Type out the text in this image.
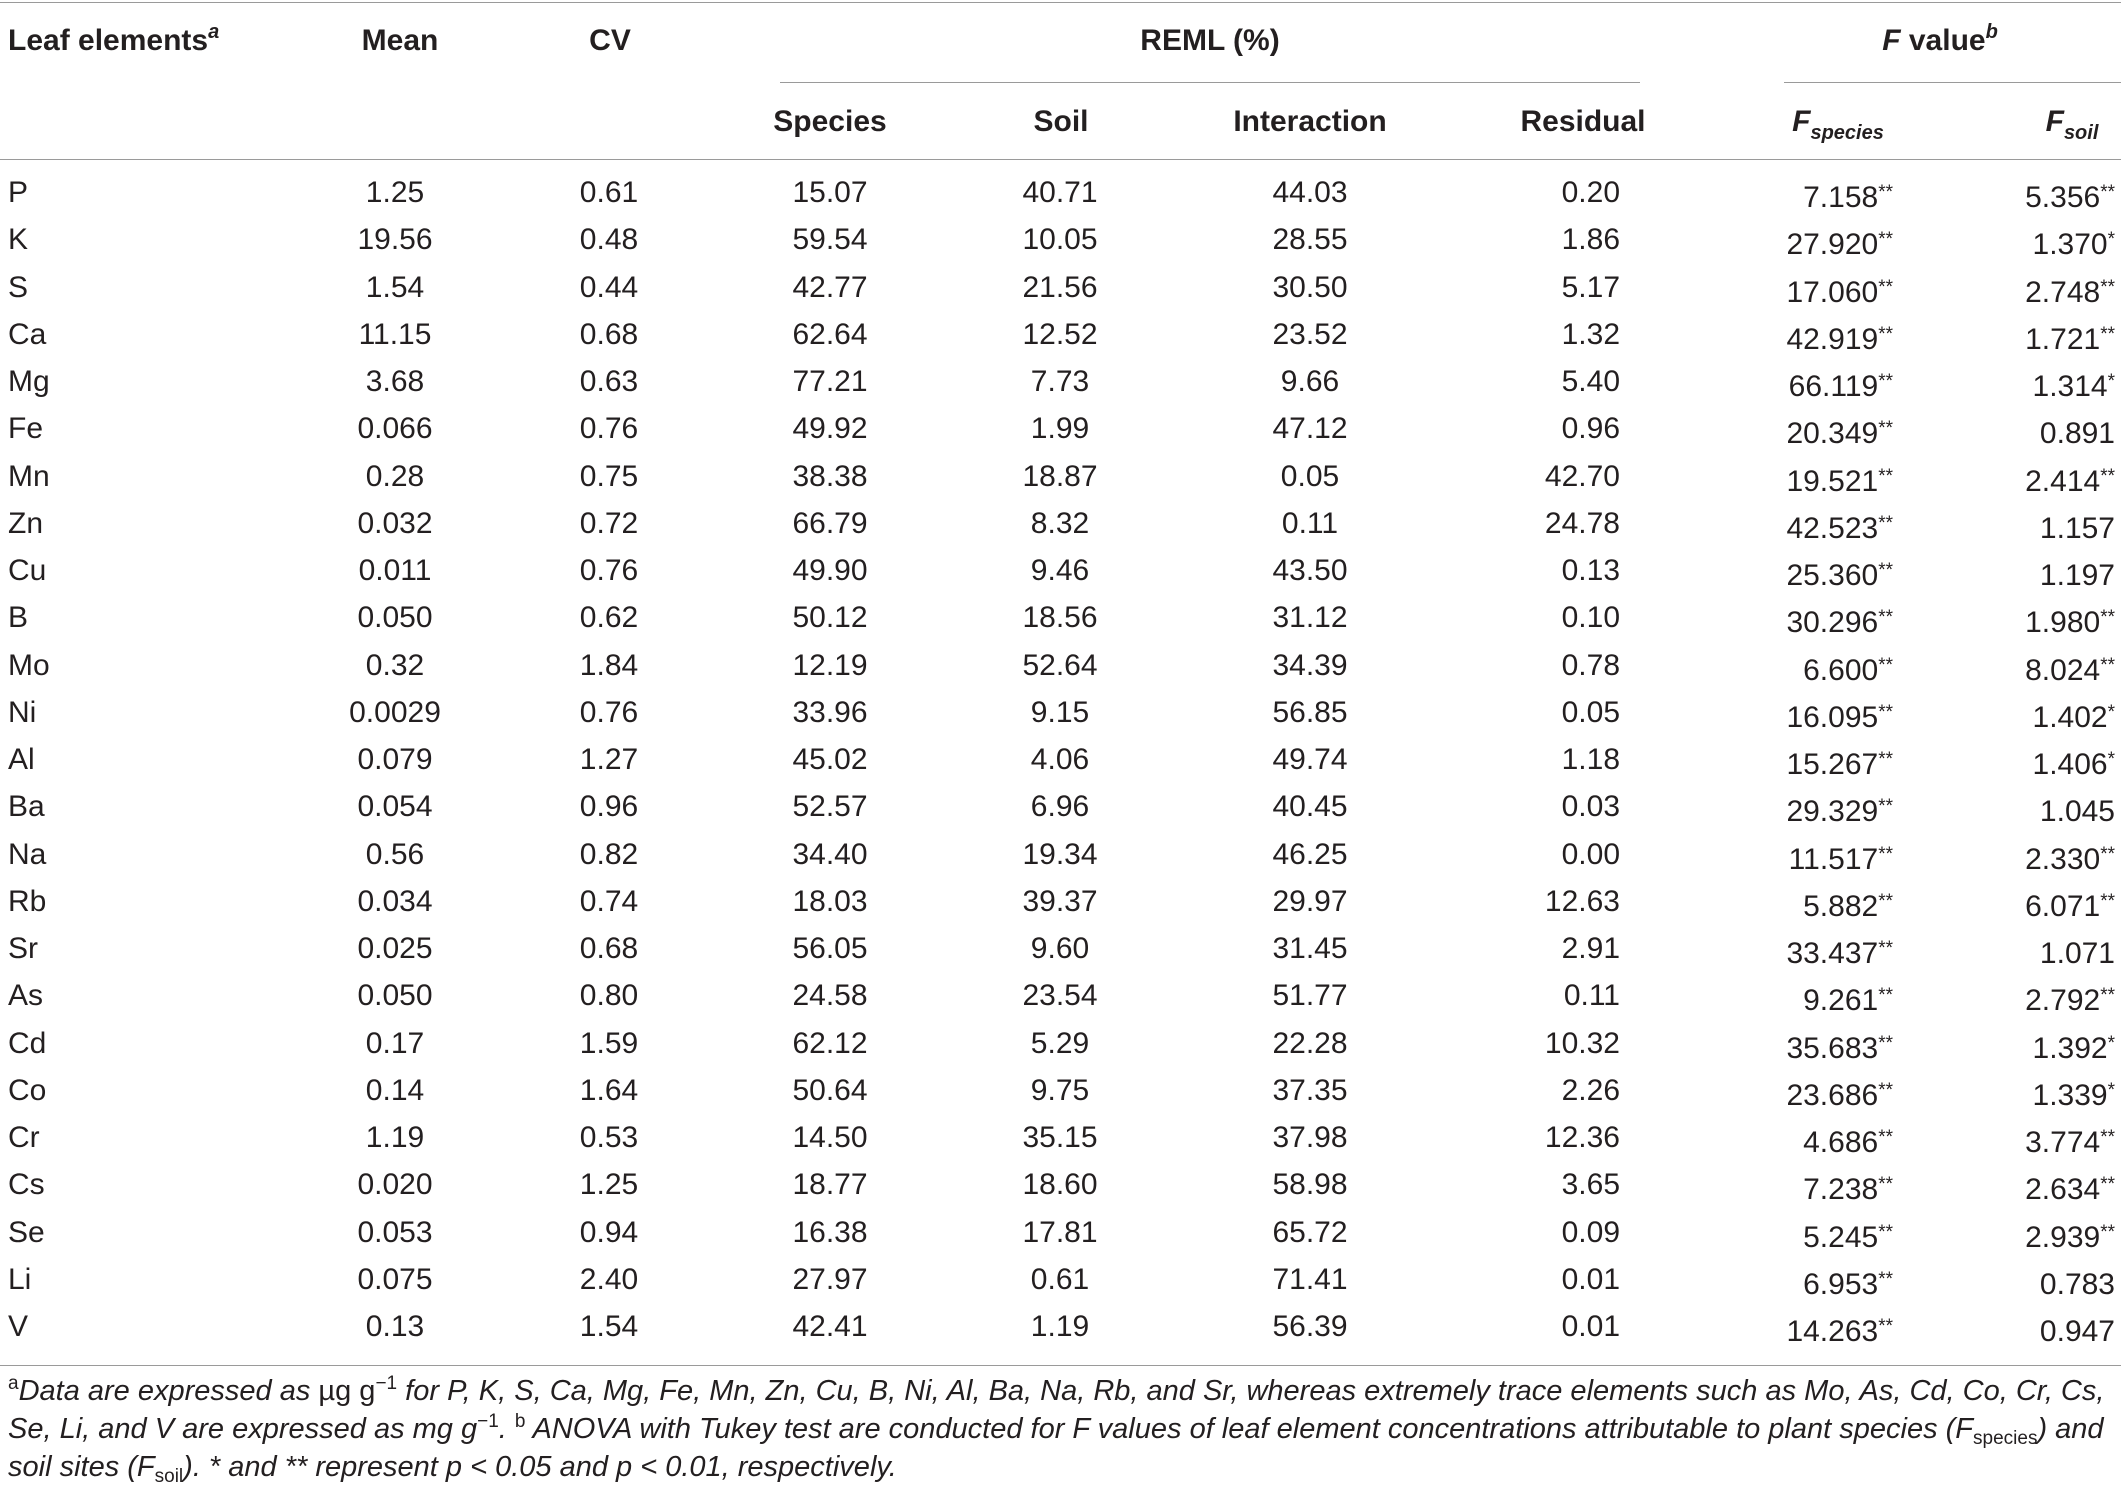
Leaf elements$^a$	Mean	CV	REML (%)	F value$^b$
Species	Soil	Interaction	Residual	$F_{species}$	$F_{soil}$
P	1.25	0.61	15.07	40.71	44.03	0.20	7.158**	5.356**
K	19.56	0.48	59.54	10.05	28.55	1.86	27.920**	1.370*
S	1.54	0.44	42.77	21.56	30.50	5.17	17.060**	2.748**
Ca	11.15	0.68	62.64	12.52	23.52	1.32	42.919**	1.721**
Mg	3.68	0.63	77.21	7.73	9.66	5.40	66.119**	1.314*
Fe	0.066	0.76	49.92	1.99	47.12	0.96	20.349**	0.891
Mn	0.28	0.75	38.38	18.87	0.05	42.70	19.521**	2.414**
Zn	0.032	0.72	66.79	8.32	0.11	24.78	42.523**	1.157
Cu	0.011	0.76	49.90	9.46	43.50	0.13	25.360**	1.197
B	0.050	0.62	50.12	18.56	31.12	0.10	30.296**	1.980**
Mo	0.32	1.84	12.19	52.64	34.39	0.78	6.600**	8.024**
Ni	0.0029	0.76	33.96	9.15	56.85	0.05	16.095**	1.402*
Al	0.079	1.27	45.02	4.06	49.74	1.18	15.267**	1.406*
Ba	0.054	0.96	52.57	6.96	40.45	0.03	29.329**	1.045
Na	0.56	0.82	34.40	19.34	46.25	0.00	11.517**	2.330**
Rb	0.034	0.74	18.03	39.37	29.97	12.63	5.882**	6.071**
Sr	0.025	0.68	56.05	9.60	31.45	2.91	33.437**	1.071
As	0.050	0.80	24.58	23.54	51.77	0.11	9.261**	2.792**
Cd	0.17	1.59	62.12	5.29	22.28	10.32	35.683**	1.392*
Co	0.14	1.64	50.64	9.75	37.35	2.26	23.686**	1.339*
Cr	1.19	0.53	14.50	35.15	37.98	12.36	4.686**	3.774**
Cs	0.020	1.25	18.77	18.60	58.98	3.65	7.238**	2.634**
Se	0.053	0.94	16.38	17.81	65.72	0.09	5.245**	2.939**
Li	0.075	2.40	27.97	0.61	71.41	0.01	6.953**	0.783
V	0.13	1.54	42.41	1.19	56.39	0.01	14.263**	0.947

$^a$Data are expressed as µg $g^{-1}$ for P, K, S, Ca, Mg, Fe, Mn, Zn, Cu, B, Ni, Al, Ba, Na, Rb, and Sr, whereas extremely trace elements such as Mo, As, Cd, Co, Cr, Cs, Se, Li, and V are expressed as mg $g^{-1}$. $^b$ ANOVA with Tukey test are conducted for F values of leaf element concentrations attributable to plant species $(F_{species})$ and soil sites $(F_{soil})$. * and ** represent p < 0.05 and p < 0.01, respectively.
